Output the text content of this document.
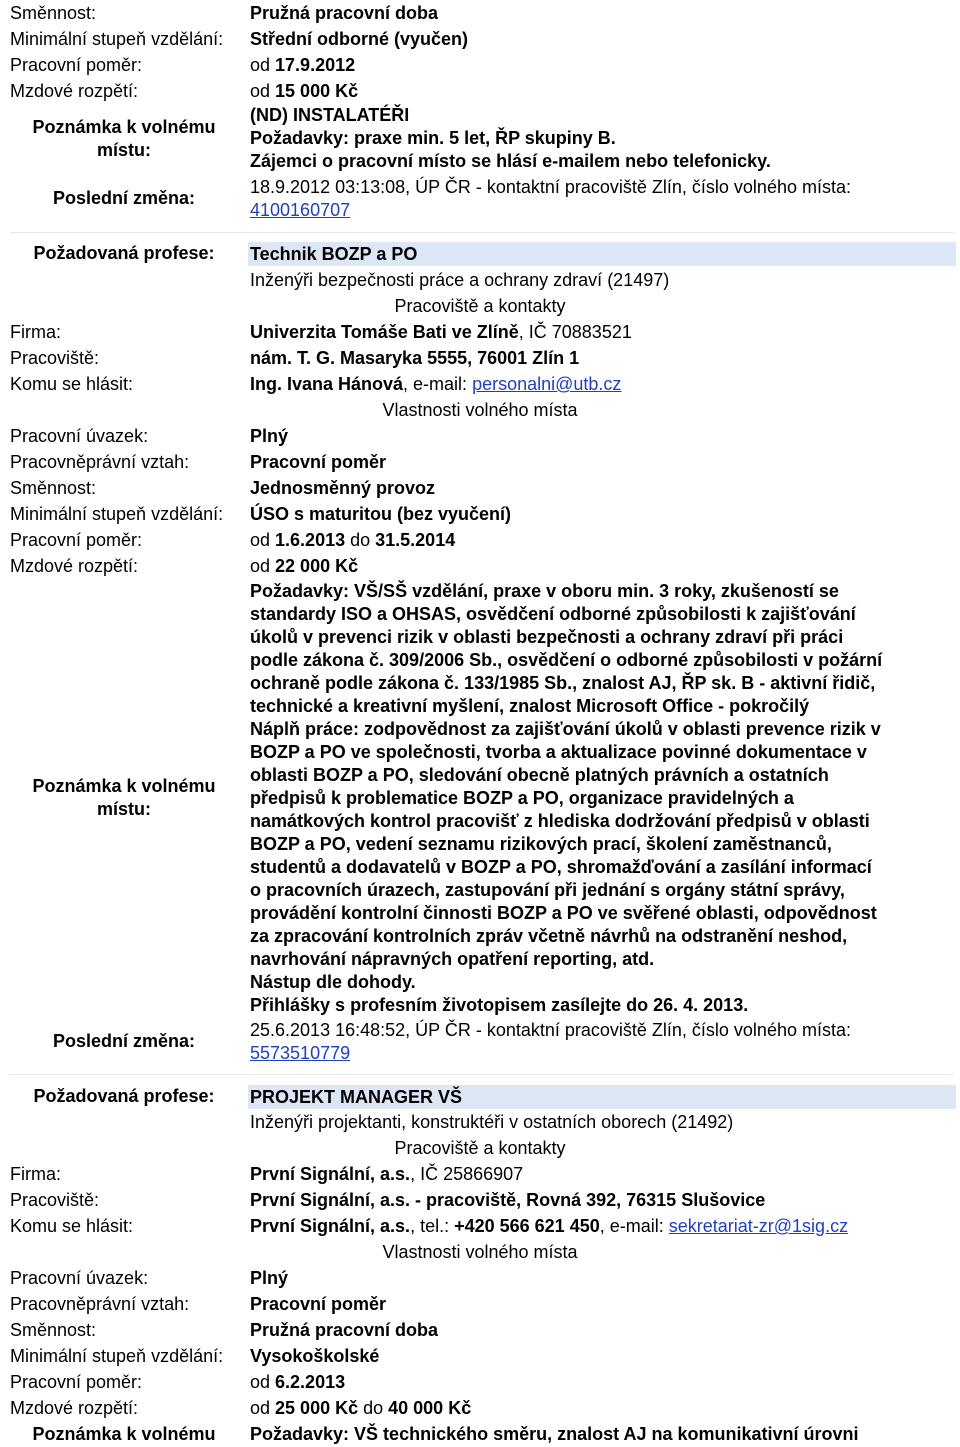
Směnnost:	Pružná pracovní doba
Minimální stupeň vzdělání: Střední odborné (vyučen)
Pracovní poměr:	od 17.9.2012
Mzdové rozpětí:	od 15 000 Kč
Poznámka k volnému
místu:
(ND) INSTALATÉŘI
Požadavky: praxe min. 5 let, ŘP skupiny B.
Zájemci o pracovní místo se hlásí e-mailem nebo telefonicky.
Poslední změna:
18.9.2012 03:13:08, ÚP ČR - kontaktní pracoviště Zlín, číslo volného místa:
4100160707
Požadovaná profese:	Technik BOZP a PO
Inženýři bezpečnosti práce a ochrany zdraví (21497)
Pracoviště a kontakty
Firma:	Univerzita Tomáše Bati ve Zlíně, IČ 70883521
Pracoviště:	nám. T. G. Masaryka 5555, 76001 Zlín 1
Komu se hlásit:	Ing. Ivana Hánová, e-mail: personalni@utb.cz
Vlastnosti volného místa
Pracovní úvazek:	Plný
Pracovněprávní vztah:	Pracovní poměr
Směnnost:	Jednosměnný provoz
Minimální stupeň vzdělání: ÚSO s maturitou (bez vyučení)
Pracovní poměr:	od 1.6.2013 do 31.5.2014
Mzdové rozpětí:	od 22 000 Kč
Poznámka k volnému
místu:
Požadavky: VŠ/SŠ vzdělání, praxe v oboru min. 3 roky, zkušeností se
standardy ISO a OHSAS, osvědčení odborné způsobilosti k zajišťování
úkolů v prevenci rizik v oblasti bezpečnosti a ochrany zdraví při práci
podle zákona č. 309/2006 Sb., osvědčení o odborné způsobilosti v požární
ochraně podle zákona č. 133/1985 Sb., znalost AJ, ŘP sk. B - aktivní řidič,
technické a kreativní myšlení, znalost Microsoft Office - pokročilý
Náplň práce: zodpovědnost za zajišťování úkolů v oblasti prevence rizik v
BOZP a PO ve společnosti, tvorba a aktualizace povinné dokumentace v
oblasti BOZP a PO, sledování obecně platných právních a ostatních
předpisů k problematice BOZP a PO, organizace pravidelných a
namátkových kontrol pracovišť z hlediska dodržování předpisů v oblasti
BOZP a PO, vedení seznamu rizikových prací, školení zaměstnanců,
studentů a dodavatelů v BOZP a PO, shromažďování a zasílání informací
o pracovních úrazech, zastupování při jednání s orgány státní správy,
provádění kontrolní činnosti BOZP a PO ve svěřené oblasti, odpovědnost
za zpracování kontrolních zpráv včetně návrhů na odstranění neshod,
navrhování nápravných opatření reporting, atd.
Nástup dle dohody.
Přihlášky s profesním životopisem zasílejte do 26. 4. 2013.
Poslední změna:
25.6.2013 16:48:52, ÚP ČR - kontaktní pracoviště Zlín, číslo volného místa:
5573510779
Požadovaná profese:	PROJEKT MANAGER VŠ
Inženýři projektanti, konstruktéři v ostatních oborech (21492)
Pracoviště a kontakty
Firma:	První Signální, a.s., IČ 25866907
Pracoviště:	První Signální, a.s. - pracoviště, Rovná 392, 76315 Slušovice
Komu se hlásit:	První Signální, a.s., tel.: +420 566 621 450, e-mail: sekretariat-zr@1sig.cz
Vlastnosti volného místa
Pracovní úvazek:	Plný
Pracovněprávní vztah:	Pracovní poměr
Směnnost:	Pružná pracovní doba
Minimální stupeň vzdělání: Vysokoškolské
Pracovní poměr:	od 6.2.2013
Mzdové rozpětí:	od 25 000 Kč do 40 000 Kč
Poznámka k volnému	Požadavky: VŠ technického směru, znalost AJ na komunikativní úrovni
